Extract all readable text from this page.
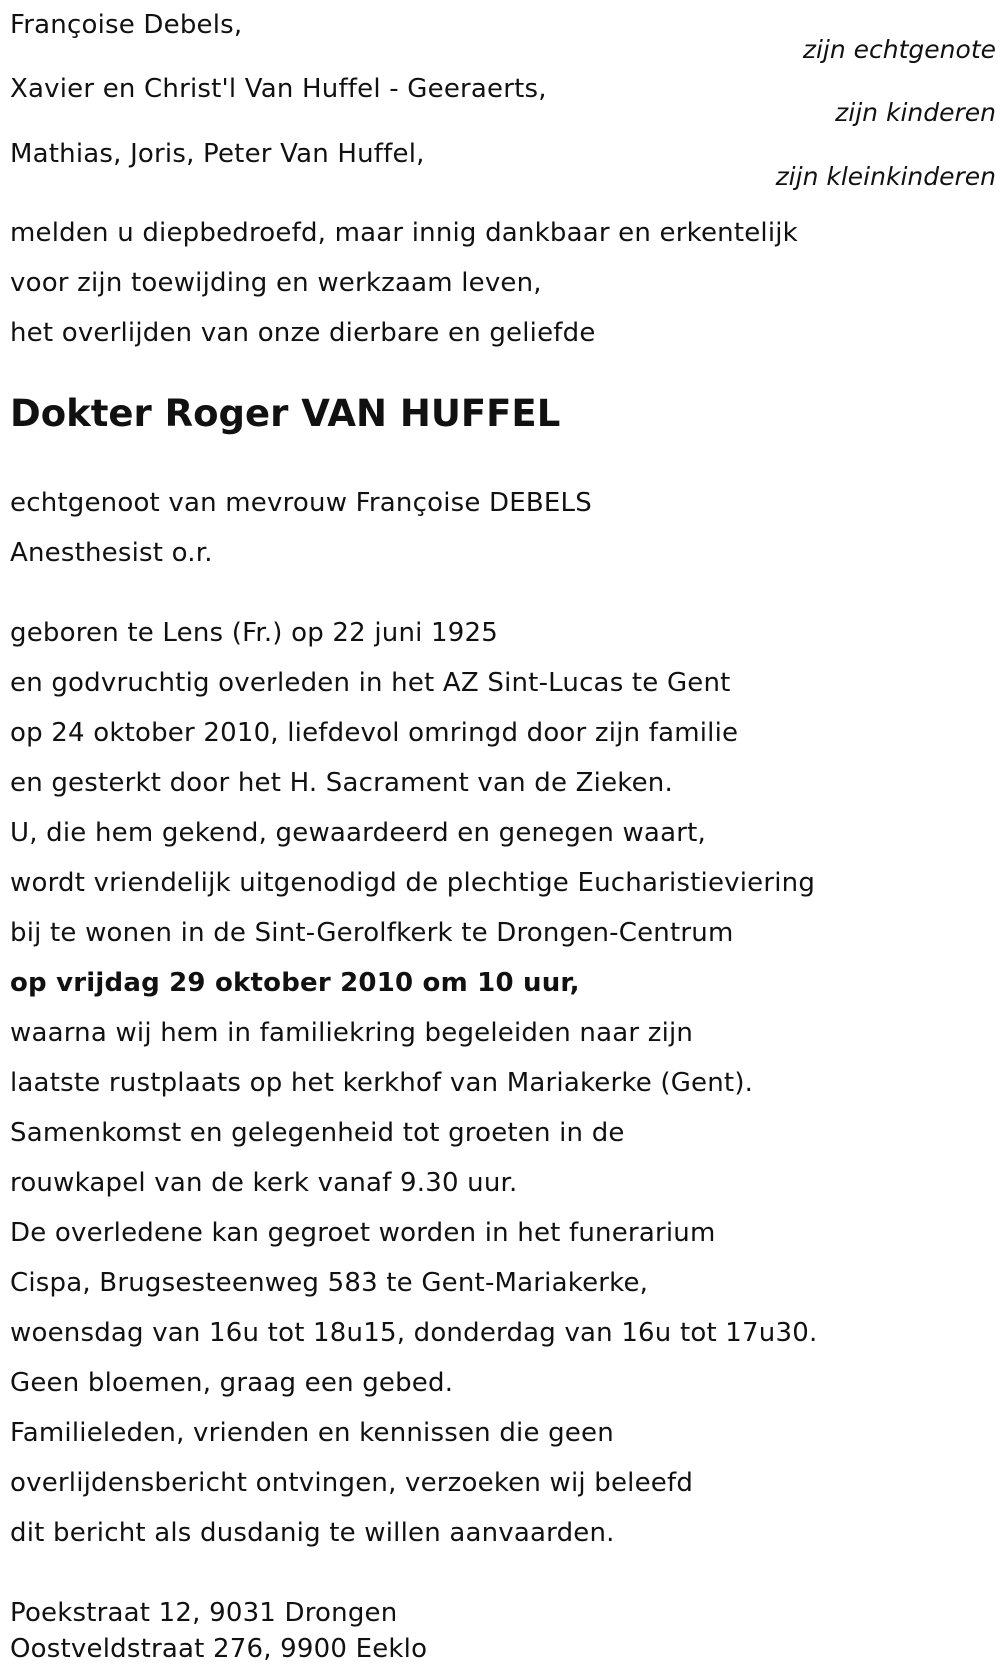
Françoise Debels,
zijn echtgenote
Xavier en Christ'l Van Huffel - Geeraerts,
zijn kinderen
Mathias, Joris, Peter Van Huffel,
zijn kleinkinderen
melden u diepbedroefd, maar innig dankbaar en erkentelijk
voor zijn toewijding en werkzaam leven,
het overlijden van onze dierbare en geliefde
Dokter Roger VAN HUFFEL
echtgenoot van mevrouw Françoise DEBELS
Anesthesist o.r.
geboren te Lens (Fr.) op 22 juni 1925
en godvruchtig overleden in het AZ Sint-Lucas te Gent
op 24 oktober 2010, liefdevol omringd door zijn familie
en gesterkt door het H. Sacrament van de Zieken.
U, die hem gekend, gewaardeerd en genegen waart,
wordt vriendelijk uitgenodigd de plechtige Eucharistieviering
bij te wonen in de Sint-Gerolfkerk te Drongen-Centrum
op vrijdag 29 oktober 2010 om 10 uur,
waarna wij hem in familiekring begeleiden naar zijn
laatste rustplaats op het kerkhof van Mariakerke (Gent).
Samenkomst en gelegenheid tot groeten in de
rouwkapel van de kerk vanaf 9.30 uur.
De overledene kan gegroet worden in het funerarium
Cispa, Brugsesteenweg 583 te Gent-Mariakerke,
woensdag van 16u tot 18u15, donderdag van 16u tot 17u30.
Geen bloemen, graag een gebed.
Familieleden, vrienden en kennissen die geen
overlijdensbericht ontvingen, verzoeken wij beleefd
dit bericht als dusdanig te willen aanvaarden.
Poekstraat 12, 9031 Drongen
Oostveldstraat 276, 9900 Eeklo
